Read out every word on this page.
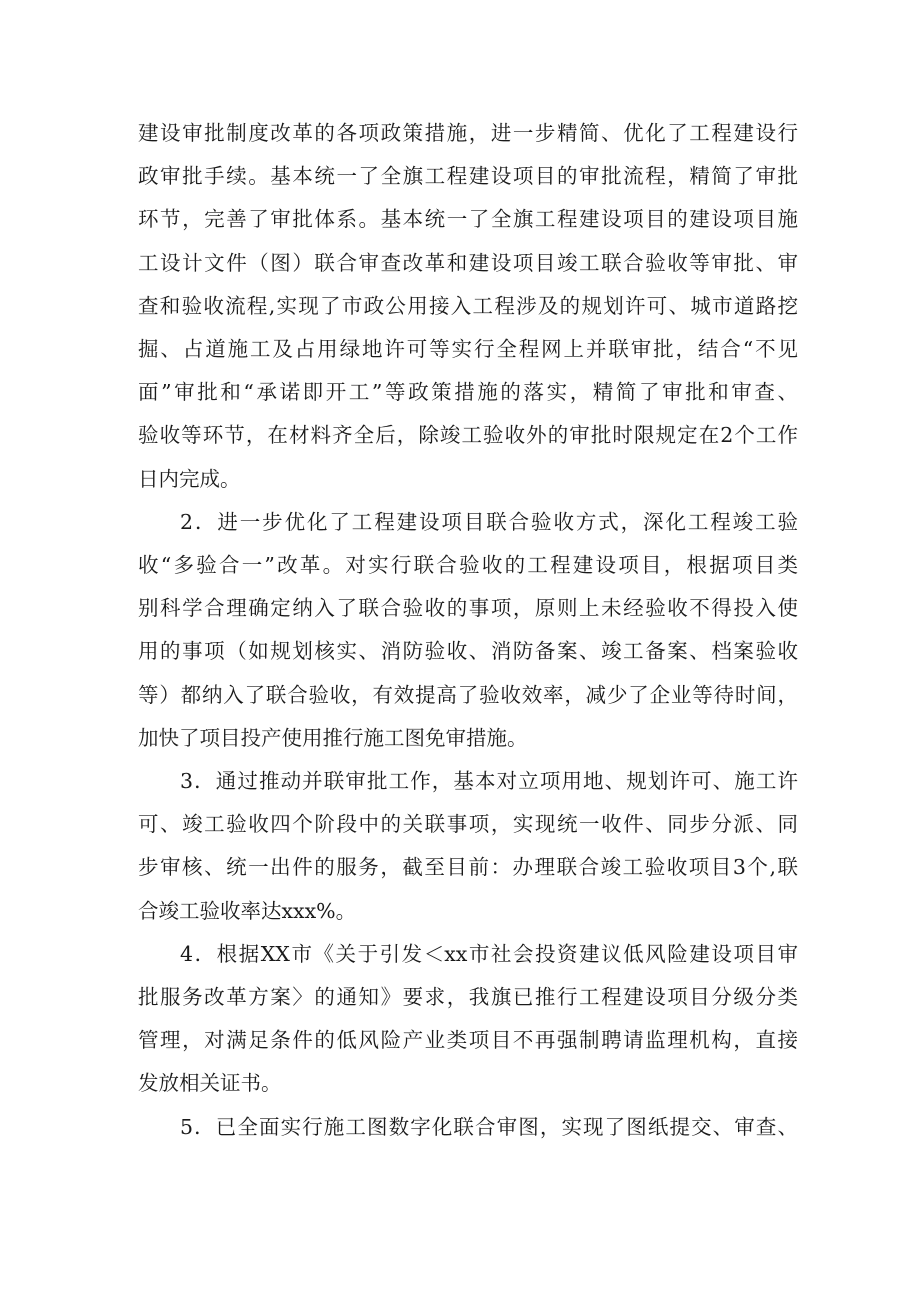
建设审批制度改革的各项政策措施，进一步精简、优化了工程建设行
政审批手续。基本统一了全旗工程建设项目的审批流程，精简了审批
环节，完善了审批体系。基本统一了全旗工程建设项目的建设项目施
工设计文件（图）联合审查改革和建设项目竣工联合验收等审批、审
查和验收流程,实现了市政公用接入工程涉及的规划许可、城市道路挖
掘、占道施工及占用绿地许可等实行全程网上并联审批，结合“不见
面”审批和“承诺即开工”等政策措施的落实，精简了审批和审查、
验收等环节，在材料齐全后，除竣工验收外的审批时限规定在2个工作
日内完成。

2．进一步优化了工程建设项目联合验收方式，深化工程竣工验
收“多验合一”改革。对实行联合验收的工程建设项目，根据项目类
别科学合理确定纳入了联合验收的事项，原则上未经验收不得投入使
用的事项（如规划核实、消防验收、消防备案、竣工备案、档案验收
等）都纳入了联合验收，有效提高了验收效率，减少了企业等待时间，
加快了项目投产使用推行施工图免审措施。

3．通过推动并联审批工作，基本对立项用地、规划许可、施工许
可、竣工验收四个阶段中的关联事项，实现统一收件、同步分派、同
步审核、统一出件的服务，截至目前：办理联合竣工验收项目3个,联
合竣工验收率达xxx%。

4．根据XX市《关于引发＜xx市社会投资建议低风险建设项目审
批服务改革方案〉的通知》要求，我旗已推行工程建设项目分级分类
管理，对满足条件的低风险产业类项目不再强制聘请监理机构，直接
发放相关证书。

5．已全面实行施工图数字化联合审图，实现了图纸提交、审查、
